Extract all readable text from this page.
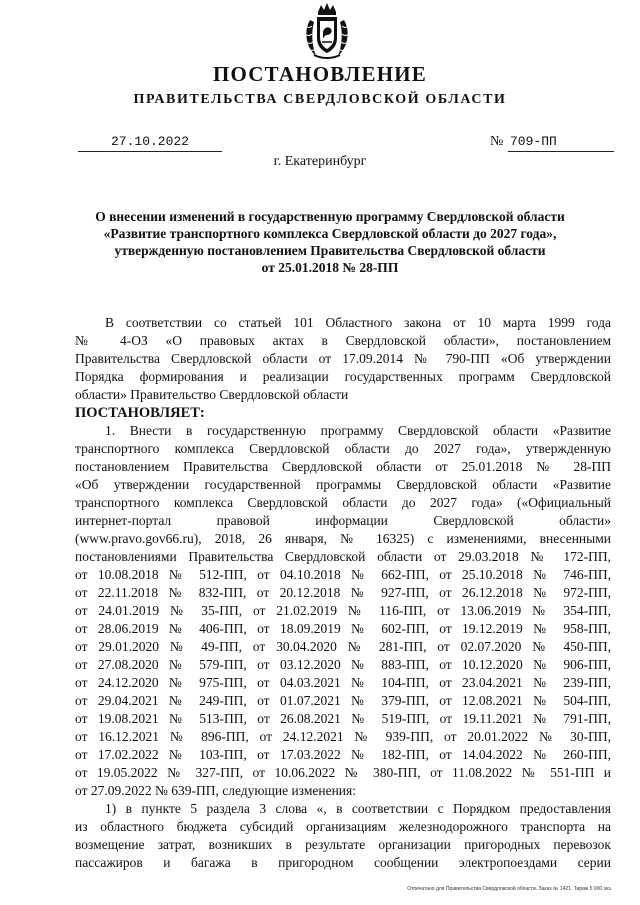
ПОСТАНОВЛЕНИЕ
ПРАВИТЕЛЬСТВА СВЕРДЛОВСКОЙ ОБЛАСТИ
27.10.2022	№ 709-ПП
г. Екатеринбург
О внесении изменений в государственную программу Свердловской области
«Развитие транспортного комплекса Свердловской области до 2027 года»,
утвержденную постановлением Правительства Свердловской области
от 25.01.2018 № 28-ПП
В соответствии со статьей 101 Областного закона от 10 марта 1999 года
№ 4-ОЗ «О правовых актах в Свердловской области», постановлением
Правительства Свердловской области от 17.09.2014 № 790-ПП «Об утверждении
Порядка формирования и реализации государственных программ Свердловской
области» Правительство Свердловской области
ПОСТАНОВЛЯЕТ:
1. Внести в государственную программу Свердловской области «Развитие
транспортного комплекса Свердловской области до 2027 года», утвержденную
постановлением Правительства Свердловской области от 25.01.2018 № 28-ПП
«Об утверждении государственной программы Свердловской области «Развитие
транспортного комплекса Свердловской области до 2027 года» («Официальный
интернет-портал правовой информации Свердловской области»
(www.pravo.gov66.ru), 2018, 26 января, № 16325) с изменениями, внесенными
постановлениями Правительства Свердловской области от 29.03.2018 № 172-ПП,
от 10.08.2018 № 512-ПП, от 04.10.2018 № 662-ПП, от 25.10.2018 № 746-ПП,
от 22.11.2018 № 832-ПП, от 20.12.2018 № 927-ПП, от 26.12.2018 № 972-ПП,
от 24.01.2019 № 35-ПП, от 21.02.2019 № 116-ПП, от 13.06.2019 № 354-ПП,
от 28.06.2019 № 406-ПП, от 18.09.2019 № 602-ПП, от 19.12.2019 № 958-ПП,
от 29.01.2020 № 49-ПП, от 30.04.2020 № 281-ПП, от 02.07.2020 № 450-ПП,
от 27.08.2020 № 579-ПП, от 03.12.2020 № 883-ПП, от 10.12.2020 № 906-ПП,
от 24.12.2020 № 975-ПП, от 04.03.2021 № 104-ПП, от 23.04.2021 № 239-ПП,
от 29.04.2021 № 249-ПП, от 01.07.2021 № 379-ПП, от 12.08.2021 № 504-ПП,
от 19.08.2021 № 513-ПП, от 26.08.2021 № 519-ПП, от 19.11.2021 № 791-ПП,
от 16.12.2021 № 896-ПП, от 24.12.2021 № 939-ПП, от 20.01.2022 № 30-ПП,
от 17.02.2022 № 103-ПП, от 17.03.2022 № 182-ПП, от 14.04.2022 № 260-ПП,
от 19.05.2022 № 327-ПП, от 10.06.2022 № 380-ПП, от 11.08.2022 № 551-ПП и
от 27.09.2022 № 639-ПП, следующие изменения:
1) в пункте 5 раздела 3 слова «, в соответствии с Порядком предоставления
из областного бюджета субсидий организациям железнодорожного транспорта на
возмещение затрат, возникших в результате организации пригородных перевозок
пассажиров и багажа в пригородном сообщении электропоездами серии
Отпечатано для Правительства Свердловской области. Заказ № 1421. Тираж 5 000 экз.
